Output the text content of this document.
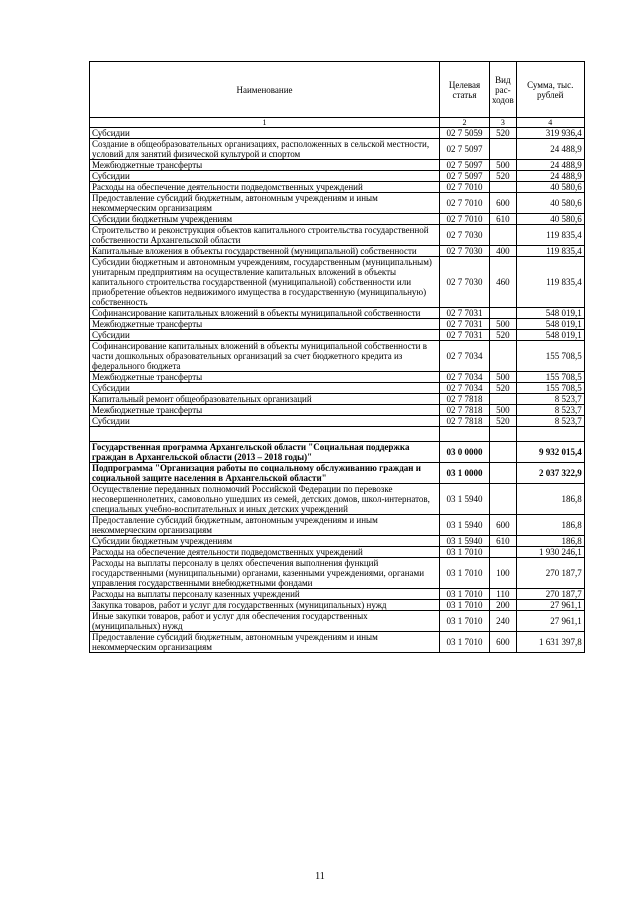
Наименование	Целевая статья	Вид рас-ходов	Сумма, тыс. рублей
1	2	3	4
Субсидии	02 7 5059	520	319 936,4
Создание в общеобразовательных организациях, расположенных в сельской местности, условий для занятий физической культурой и спортом	02 7 5097		24 488,9
Межбюджетные трансферты	02 7 5097	500	24 488,9
Субсидии	02 7 5097	520	24 488,9
Расходы на обеспечение деятельности подведомственных учреждений	02 7 7010		40 580,6
Предоставление субсидий бюджетным, автономным учреждениям и иным некоммерческим организациям	02 7 7010	600	40 580,6
Субсидии бюджетным учреждениям	02 7 7010	610	40 580,6
Строительство и реконструкция объектов капитального строительства государственной собственности Архангельской области	02 7 7030		119 835,4
Капитальные вложения в объекты государственной (муниципальной) собственности	02 7 7030	400	119 835,4
Субсидии бюджетным и автономным учреждениям, государственным (муниципальным) унитарным предприятиям на осуществление капитальных вложений в объекты капитального строительства государственной (муниципальной) собственности или приобретение объектов недвижимого имущества в государственную (муниципальную) собственность	02 7 7030	460	119 835,4
Софинансирование капитальных вложений в объекты муниципальной собственности	02 7 7031		548 019,1
Межбюджетные трансферты	02 7 7031	500	548 019,1
Субсидии	02 7 7031	520	548 019,1
Софинансирование капитальных вложений в объекты муниципальной собственности в части дошкольных образовательных организаций за счет бюджетного кредита из федерального бюджета	02 7 7034		155 708,5
Межбюджетные трансферты	02 7 7034	500	155 708,5
Субсидии	02 7 7034	520	155 708,5
Капитальный ремонт общеобразовательных организаций	02 7 7818		8 523,7
Межбюджетные трансферты	02 7 7818	500	8 523,7
Субсидии	02 7 7818	520	8 523,7

Государственная программа Архангельской области "Социальная поддержка граждан в Архангельской области (2013 – 2018 годы)"	03 0 0000		9 932 015,4
Подпрограмма "Организация работы по социальному обслуживанию граждан и социальной защите населения в Архангельской области"	03 1 0000		2 037 322,9
Осуществление переданных полномочий Российской Федерации по перевозке несовершеннолетних, самовольно ушедших из семей, детских домов, школ-интернатов, специальных учебно-воспитательных и иных детских учреждений	03 1 5940		186,8
Предоставление субсидий бюджетным, автономным учреждениям и иным некоммерческим организациям	03 1 5940	600	186,8
Субсидии бюджетным учреждениям	03 1 5940	610	186,8
Расходы на обеспечение деятельности подведомственных учреждений	03 1 7010		1 930 246,1
Расходы на выплаты персоналу в целях обеспечения выполнения функций государственными (муниципальными) органами, казенными учреждениями, органами управления государственными внебюджетными фондами	03 1 7010	100	270 187,7
Расходы на выплаты персоналу казенных учреждений	03 1 7010	110	270 187,7
Закупка товаров, работ и услуг для государственных (муниципальных) нужд	03 1 7010	200	27 961,1
Иные закупки товаров, работ и услуг для обеспечения государственных (муниципальных) нужд	03 1 7010	240	27 961,1
Предоставление субсидий бюджетным, автономным учреждениям и иным некоммерческим организациям	03 1 7010	600	1 631 397,8
11
